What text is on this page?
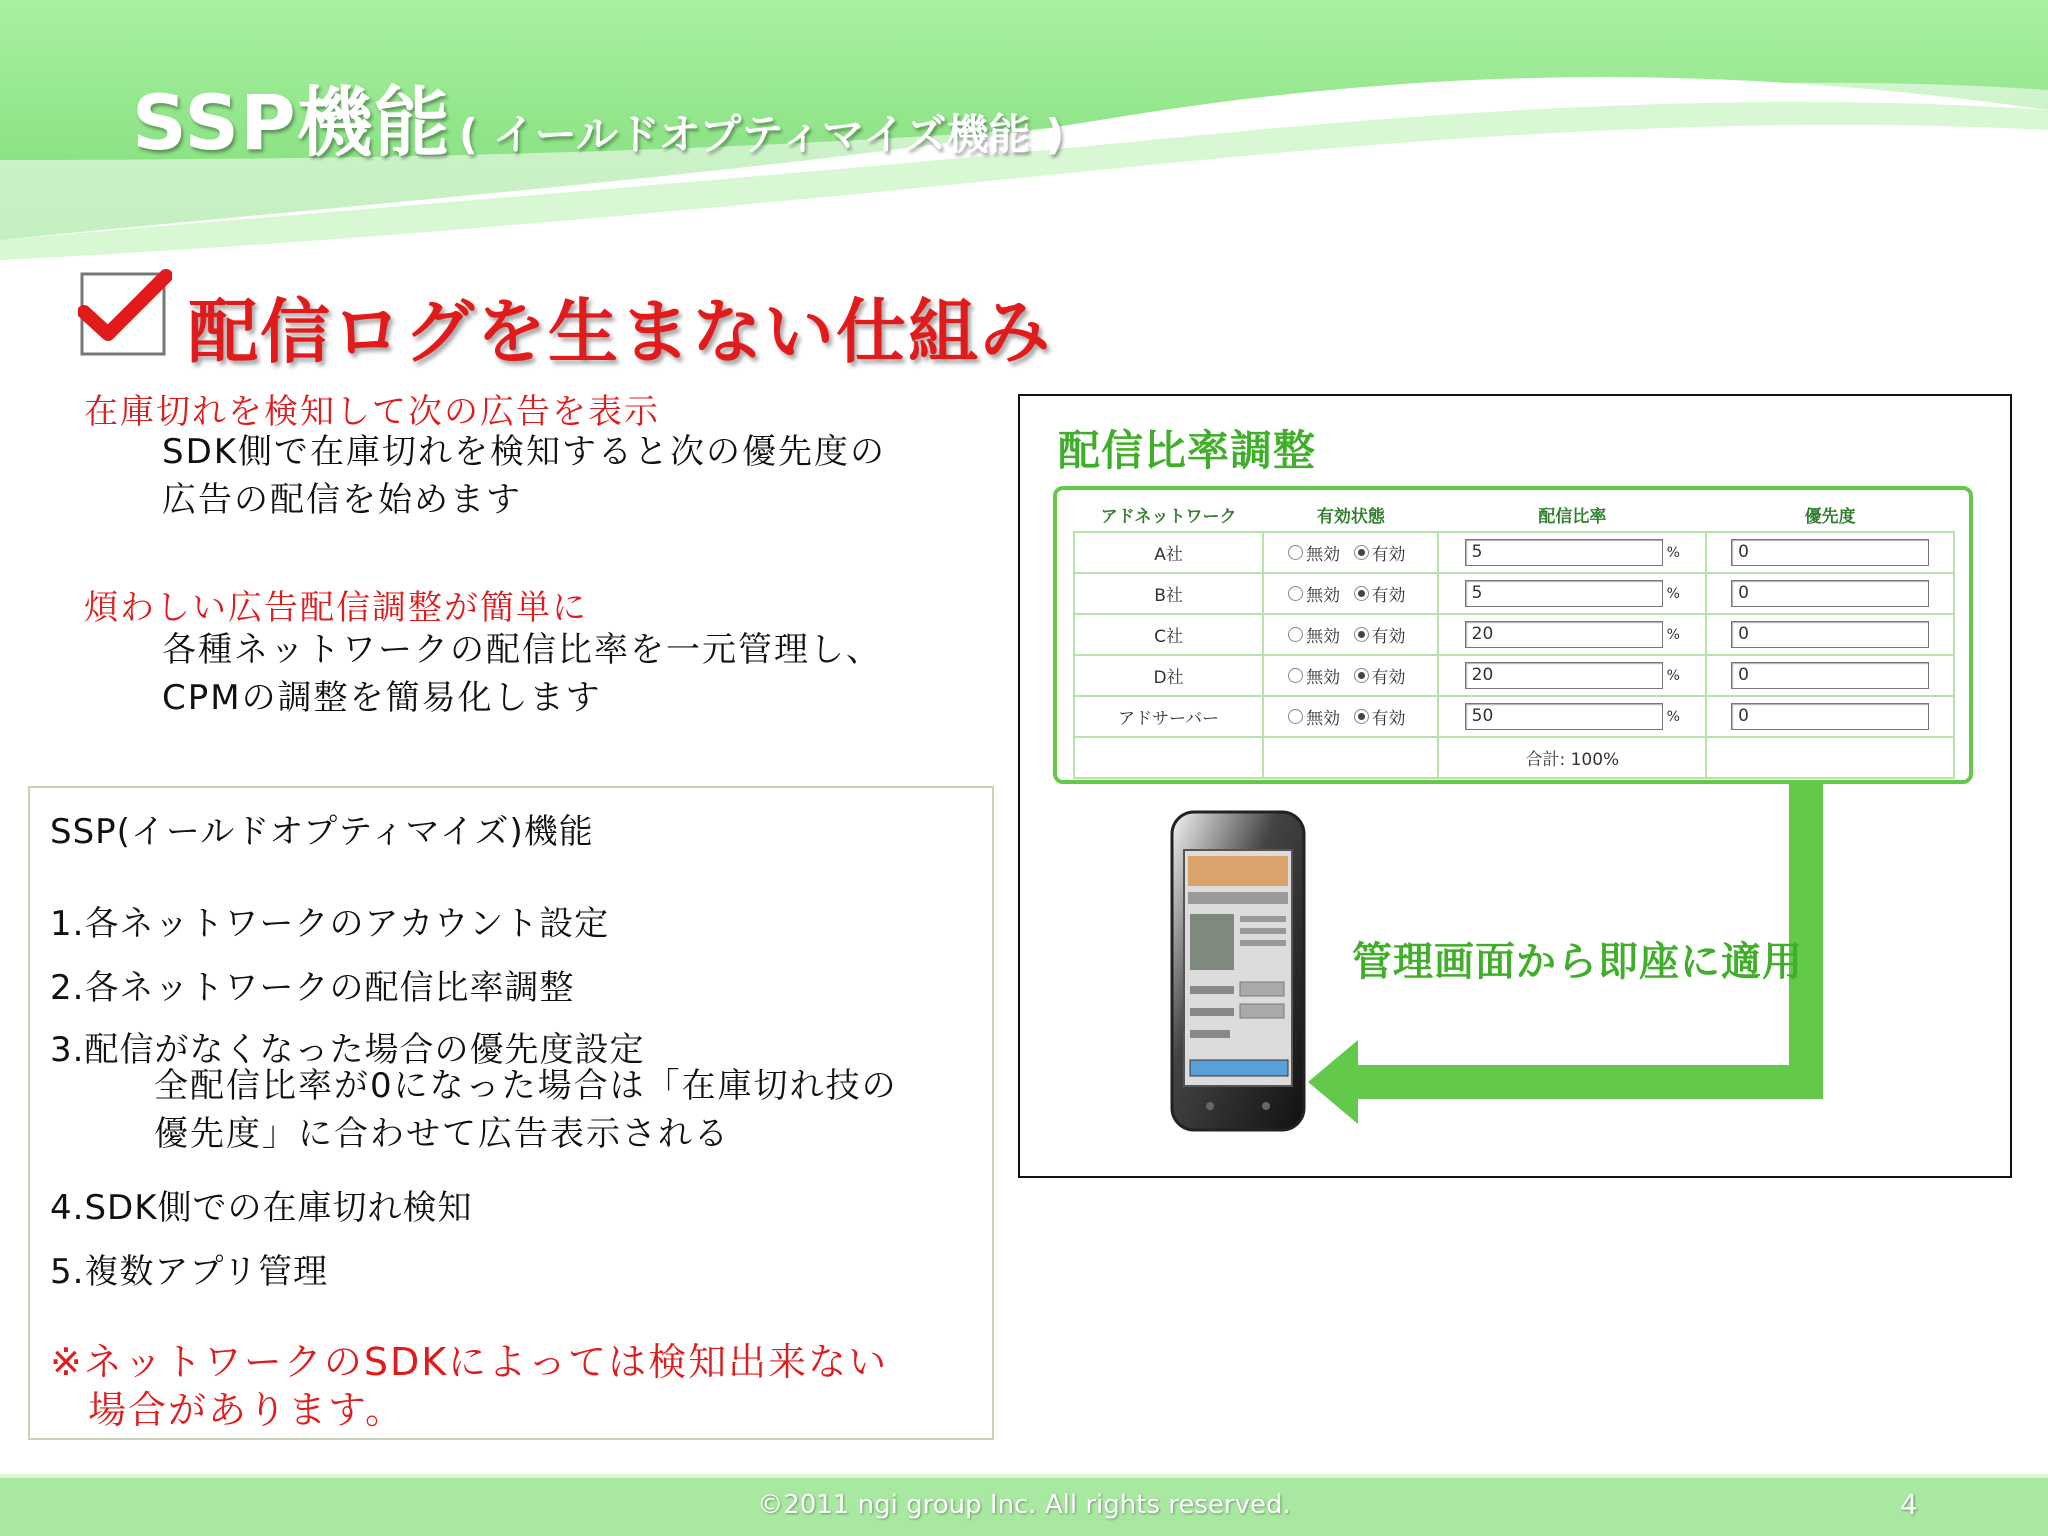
SSP機能 ( イールドオプティマイズ機能 )
配信ログを生まない仕組み
在庫切れを検知して次の広告を表示
SDK側で在庫切れを検知すると次の優先度の
広告の配信を始めます
煩わしい広告配信調整が簡単に
各種ネットワークの配信比率を一元管理し、
CPMの調整を簡易化します
SSP(イールドオプティマイズ)機能
1.各ネットワークのアカウント設定
2.各ネットワークの配信比率調整
3.配信がなくなった場合の優先度設定
全配信比率が0になった場合は「在庫切れ技の
優先度」に合わせて広告表示される
4.SDK側での在庫切れ検知
5.複数アプリ管理
※ネットワークのSDKによっては検知出来ない
場合があります。
配信比率調整
アドネットワーク	有効状態	配信比率	優先度
A社	無効 有効	5 %	0
B社	無効 有効	5 %	0
C社	無効 有効	20 %	0
D社	無効 有効	20 %	0
アドサーバー	無効 有効	50 %	0
		合計: 100%	
管理画面から即座に適用
©2011 ngi group Inc. All rights reserved.	4
